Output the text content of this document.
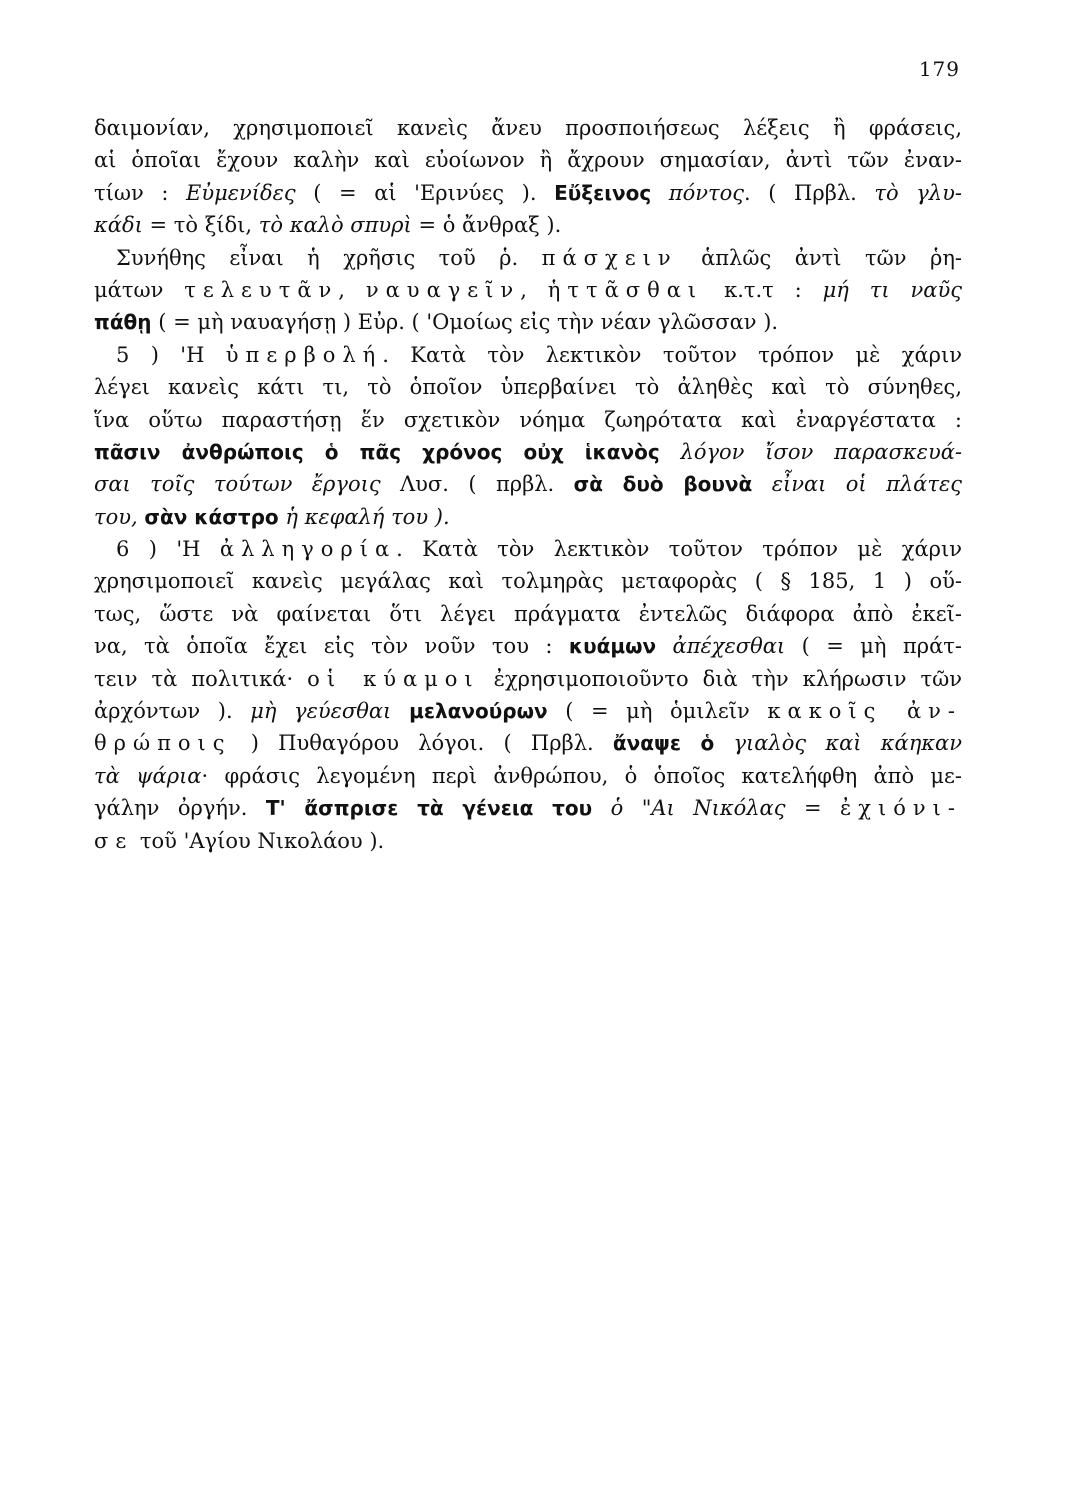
179
δαιμονίαν, χρησιμοποιεῖ κανεὶς ἄνευ προσποιήσεως λέξεις ἢ φράσεις,
αἱ ὁποῖαι ἔχουν καλὴν καὶ εὐοίωνον ἢ ἄχρουν σημασίαν, ἀντὶ τῶν ἐναν-
τίων : Εὐμενίδες ( = αἱ 'Ερινύες ). Εὔξεινος πόντος. ( Πρβλ. τὸ γλυ-
κάδι = τὸ ξίδι, τὸ καλὸ σπυρὶ = ὁ ἄνθραξ ).
Συνήθης εἶναι ἡ χρῆσις τοῦ ῥ. πάσχειν ἁπλῶς ἀντὶ τῶν ῥη-
μάτων τελευτᾶν, ναυαγεῖν, ἡττᾶσθαι κ.τ.τ : μή τι ναῦς
πάθῃ ( = μὴ ναυαγήσῃ ) Εὐρ. ( 'Ομοίως εἰς τὴν νέαν γλῶσσαν ).
5 ) 'Η ὑπερβολή. Κατὰ τὸν λεκτικὸν τοῦτον τρόπον μὲ χάριν
λέγει κανεὶς κάτι τι, τὸ ὁποῖον ὑπερβαίνει τὸ ἀληθὲς καὶ τὸ σύνηθες,
ἵνα οὕτω παραστήσῃ ἕν σχετικὸν νόημα ζωηρότατα καὶ ἐναργέστατα :
πᾶσιν ἀνθρώποις ὁ πᾶς χρόνος οὐχ ἱκανὸς λόγον ἴσον παρασκευά-
σαι τοῖς τούτων ἔργοις Λυσ. ( πρβλ. σὰ δυὸ βουνὰ εἶναι οἱ πλάτες
του, σὰν κάστρο ἡ κεφαλή του ).
6 ) 'Η ἀλληγορία. Κατὰ τὸν λεκτικὸν τοῦτον τρόπον μὲ χάριν
χρησιμοποιεῖ κανεὶς μεγάλας καὶ τολμηρὰς μεταφορὰς ( § 185, 1 ) οὕ-
τως, ὥστε νὰ φαίνεται ὅτι λέγει πράγματα ἐντελῶς διάφορα ἀπὸ ἐκεῖ-
να, τὰ ὁποῖα ἔχει εἰς τὸν νοῦν του : κυάμων ἀπέχεσθαι ( = μὴ πράτ-
τειν τὰ πολιτικά· οἱ κύαμοι ἐχρησιμοποιοῦντο διὰ τὴν κλήρωσιν τῶν
ἀρχόντων ). μὴ γεύεσθαι μελανούρων ( = μὴ ὁμιλεῖν κακοῖς ἀν-
θρώποις ) Πυθαγόρου λόγοι. ( Πρβλ. ἄναψε ὁ γιαλὸς καὶ κάηκαν
τὰ ψάρια· φράσις λεγομένη περὶ ἀνθρώπου, ὁ ὁποῖος κατελήφθη ἀπὸ με-
γάλην ὀργήν. Τ' ἄσπρισε τὰ γένεια του ὁ "Αι Νικόλας = ἐχιόνι-
σε τοῦ 'Αγίου Νικολάου ).
